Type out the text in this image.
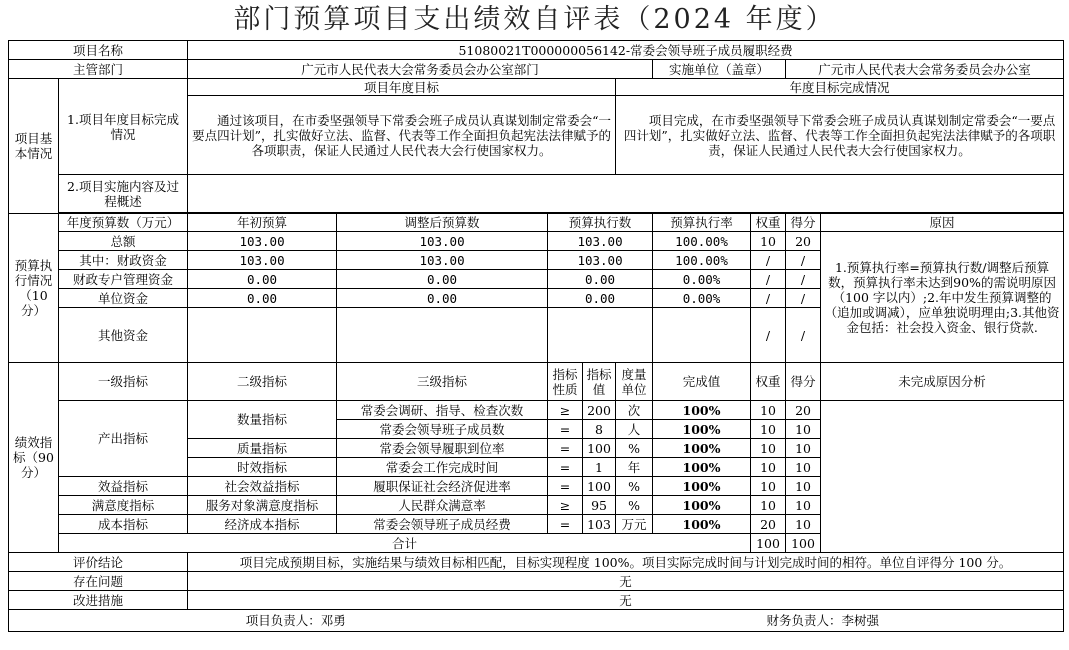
部门预算项目支出绩效自评表（2024 年度）
项目名称		51080021T000000056142-常委会领导班子成员履职经费								
主管部门		广元市人民代表大会常务委员会办公室部门					实施单位（盖章）		广元市人民代表大会常务委员会办公室	
项目基本情况	1.项目年度目标完成情况	项目年度目标				年度目标完成情况				

		通过该项目，在市委坚强领导下常委会班子成员认真谋划制定常委会“一要点四计划”，扎实做好立法、监督、代表等工作全面担负起宪法法律赋予的各项职责，保证人民通过人民代表大会行使国家权力。				项目完成，在市委坚强领导下常委会班子成员认真谋划制定常委会“一要点四计划”，扎实做好立法、监督、代表等工作全面担负起宪法法律赋予的各项职责，保证人民通过人民代表大会行使国家权力。				

	2.项目实施内容及过程概述									

预算执行情况（10分）	年度预算数（万元）	年初预算	调整后预算数	预算执行数			预算执行率	权重	得分	原因
	总额	103.00	103.00	103.00			100.00%	10	20	1.预算执行率=预算执行数/调整后预算数，预算执行率未达到90%的需说明原因（100 字以内）;2.年中发生预算调整的（追加或调减），应单独说明理由;3.其他资金包括：社会投入资金、银行贷款.
	其中：财政资金	103.00	103.00	103.00			100.00%	/	/	
	财政专户管理资金	0.00	0.00	0.00			0.00%	/	/	
	单位资金	0.00	0.00	0.00			0.00%	/	/	
	其他资金							/	/	
绩效指标（90分）	一级指标	二级指标	三级指标	指标性质	指标值	度量单位	完成值	权重	得分	未完成原因分析
	产出指标	数量指标	常委会调研、指导、检查次数	≥	200	次	100%	10	20	
			常委会领导班子成员数	=	8	人	100%	10	10	
		质量指标	常委会领导履职到位率	=	100	%	100%	10	10	
		时效指标	常委会工作完成时间	=	1	年	100%	10	10	
	效益指标	社会效益指标	履职保证社会经济促进率	=	100	%	100%	10	10	
	满意度指标	服务对象满意度指标	人民群众满意率	≥	95	%	100%	10	10	
	成本指标	经济成本指标	常委会领导班子成员经费	=	103	万元	100%	20	10	
	合计							100	100	
评价结论		项目完成预期目标，实施结果与绩效目标相匹配，目标实现程度 100%。项目实际完成时间与计划完成时间的相符。单位自评得分 100 分。								
存在问题		无								
改进措施		无								
项目负责人：邓勇					财务负责人：李树强					
